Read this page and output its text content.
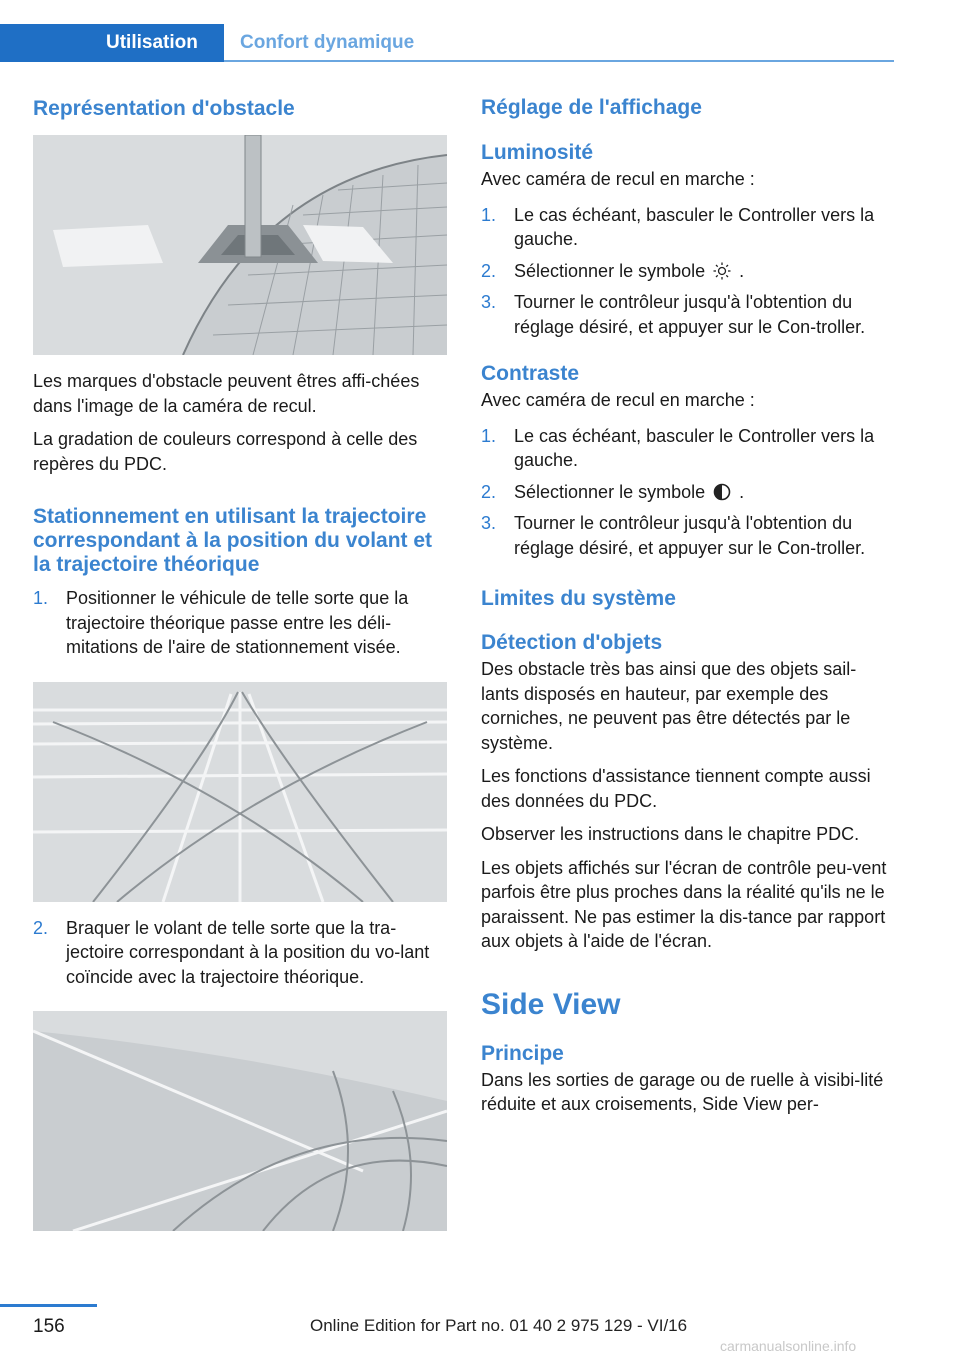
Utilisation	Confort dynamique
Représentation d'obstacle

Les marques d'obstacle peuvent êtres affi-chées dans l'image de la caméra de recul.

La gradation de couleurs correspond à celle des repères du PDC.

Stationnement en utilisant la trajectoire correspondant à la position du volant et la trajectoire théorique
1. Positionner le véhicule de telle sorte que la trajectoire théorique passe entre les déli-mitations de l'aire de stationnement visée.
2. Braquer le volant de telle sorte que la tra-jectoire correspondant à la position du vo-lant coïncide avec la trajectoire théorique.
Réglage de l'affichage
Luminosité

Avec caméra de recul en marche :

1. Le cas échéant, basculer le Controller vers la gauche.
2. Sélectionner le symbole .
3. Tourner le contrôleur jusqu'à l'obtention du réglage désiré, et appuyer sur le Con-troller.
Contraste

Avec caméra de recul en marche :

1. Le cas échéant, basculer le Controller vers la gauche.
2. Sélectionner le symbole .
3. Tourner le contrôleur jusqu'à l'obtention du réglage désiré, et appuyer sur le Con-troller.
Limites du système
Détection d'objets

Des obstacle très bas ainsi que des objets sail-lants disposés en hauteur, par exemple des corniches, ne peuvent pas être détectés par le système.

Les fonctions d'assistance tiennent compte aussi des données du PDC.

Observer les instructions dans le chapitre PDC.

Les objets affichés sur l'écran de contrôle peu-vent parfois être plus proches dans la réalité qu'ils ne le paraissent. Ne pas estimer la dis-tance par rapport aux objets à l'aide de l'écran.

Side View
Principe

Dans les sorties de garage ou de ruelle à visibi-lité réduite et aux croisements, Side View per-

156	Online Edition for Part no. 01 40 2 975 129 - VI/16
carmanualsonline.info
